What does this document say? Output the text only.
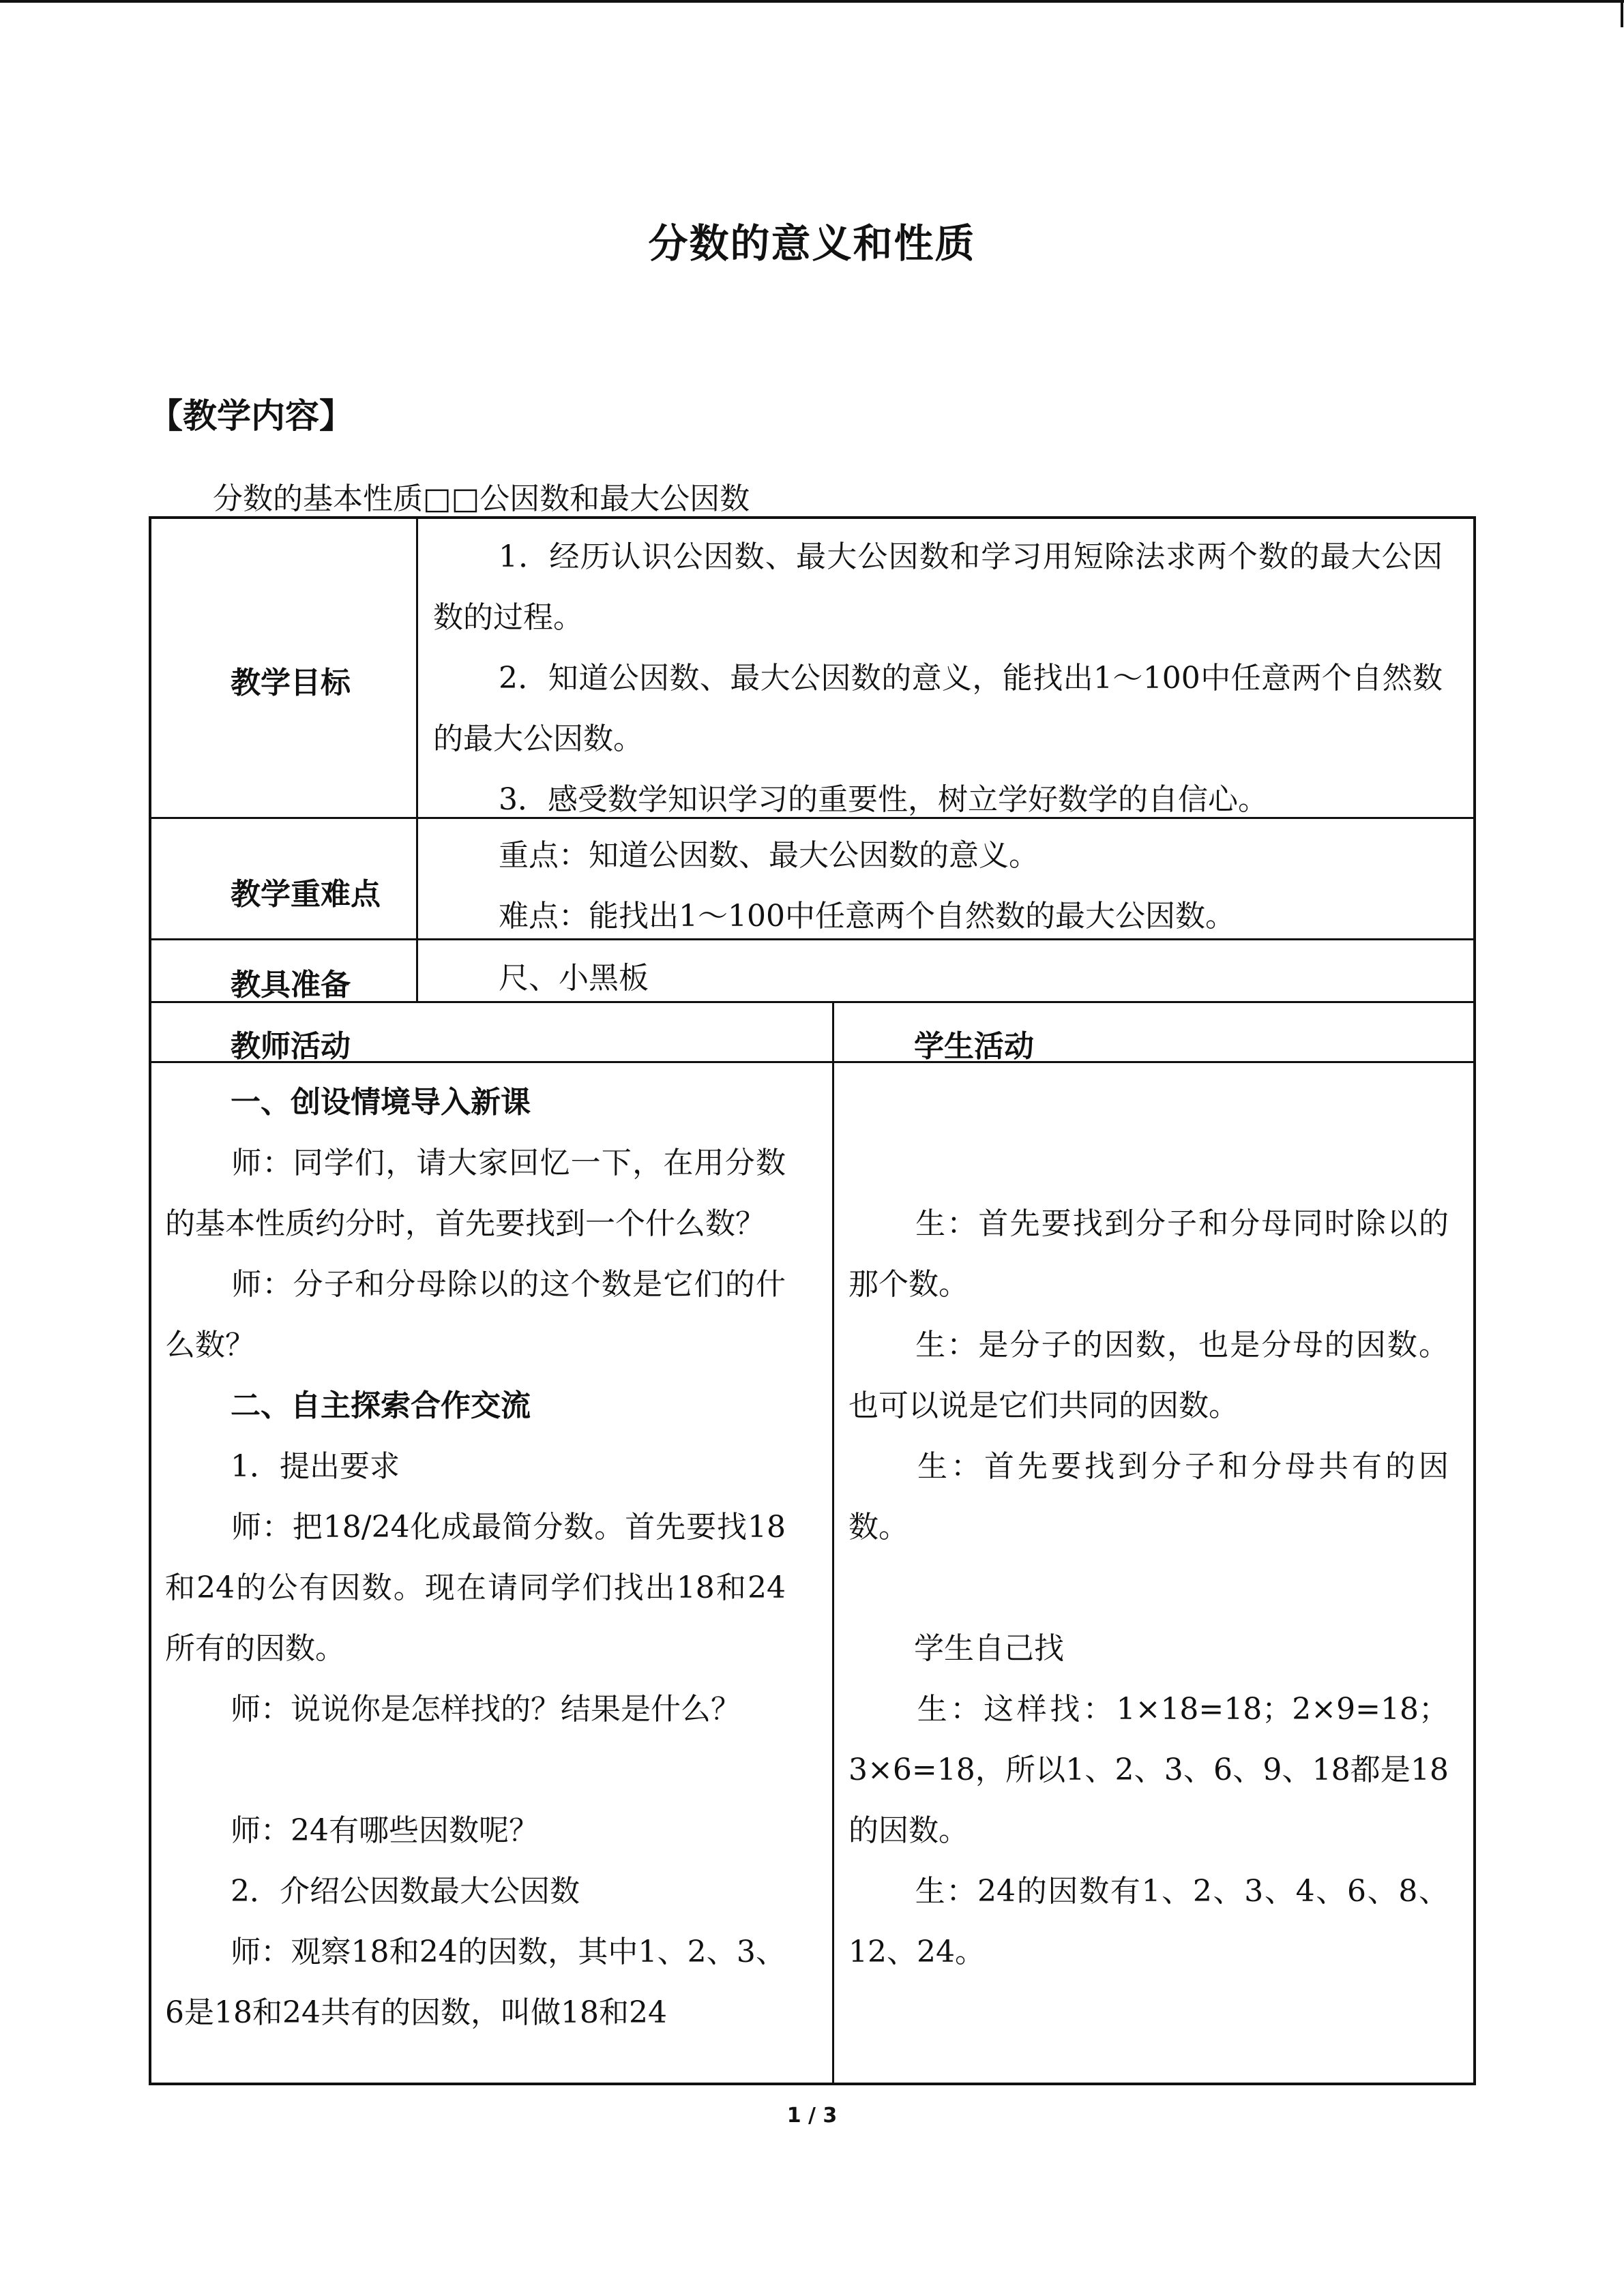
分数的意义和性质
【教学内容】
分数的基本性质□□公因数和最大公因数
教学目标
1．经历认识公因数、最大公因数和学习用短除法求两个数的最大公因数的过程。
2．知道公因数、最大公因数的意义，能找出1～100中任意两个自然数的最大公因数。
3．感受数学知识学习的重要性，树立学好数学的自信心。
教学重难点
重点：知道公因数、最大公因数的意义。
难点：能找出1～100中任意两个自然数的最大公因数。
教具准备	尺、小黑板
教师活动	学生活动
一、创设情境导入新课
师：同学们，请大家回忆一下，在用分数的基本性质约分时，首先要找到一个什么数？
师：分子和分母除以的这个数是它们的什么数？
二、自主探索合作交流
1．提出要求
师：把18/24化成最简分数。首先要找18和24的公有因数。现在请同学们找出18和24所有的因数。
师：说说你是怎样找的？结果是什么？
师：24有哪些因数呢？
2．介绍公因数最大公因数
师：观察18和24的因数，其中1、2、3、6是18和24共有的因数，叫做18和24
生：首先要找到分子和分母同时除以的那个数。
生：是分子的因数，也是分母的因数。也可以说是它们共同的因数。
生：首先要找到分子和分母共有的因数。
学生自己找
生：这样找：1×18=18；2×9=18；3×6=18，所以1、2、3、6、9、18都是18的因数。
生：24的因数有1、2、3、4、6、8、12、24。
1 / 3
